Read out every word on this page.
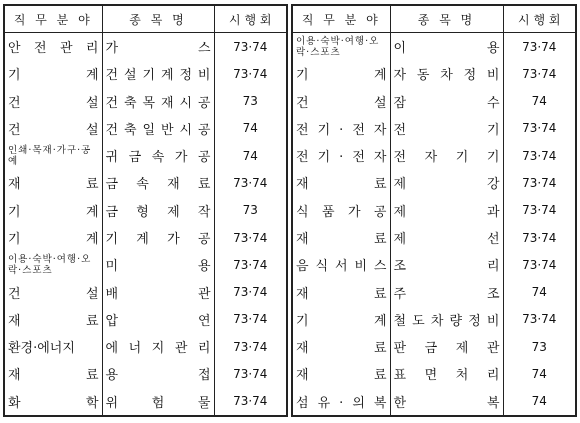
직 무 분 야	종 목 명	시 행 회
안 전 관 리	가 스	73·74
기 계	건 설 기 계 정 비	73·74
건 설	건 축 목 재 시 공	73
건 설	건 축 일 반 시 공	74
인쇄·목재·가구·공예	귀 금 속 가 공	74
재 료	금 속 재 료	73·74
기 계	금 형 제 작	73
기 계	기 계 가 공	73·74
이용·숙박·여행·오락·스포츠	미 용	73·74
건 설	배 관	73·74
재 료	압 연	73·74
환경·에너지	에 너 지 관 리	73·74
재 료	용 접	73·74
화 학	위 험 물	73·74
직 무 분 야	종 목 명	시 행 회
이용·숙박·여행·오락·스포츠	이 용	73·74
기 계	자 동 차 정 비	73·74
건 설	잠 수	74
전 기 · 전 자	전 기	73·74
전 기 · 전 자	전 자 기 기	73·74
재 료	제 강	73·74
식 품 가 공	제 과	73·74
재 료	제 선	73·74
음 식 서 비 스	조 리	73·74
재 료	주 조	74
기 계	철 도 차 량 정 비	73·74
재 료	판 금 제 관	73
재 료	표 면 처 리	74
섬 유 · 의 복	한 복	74
